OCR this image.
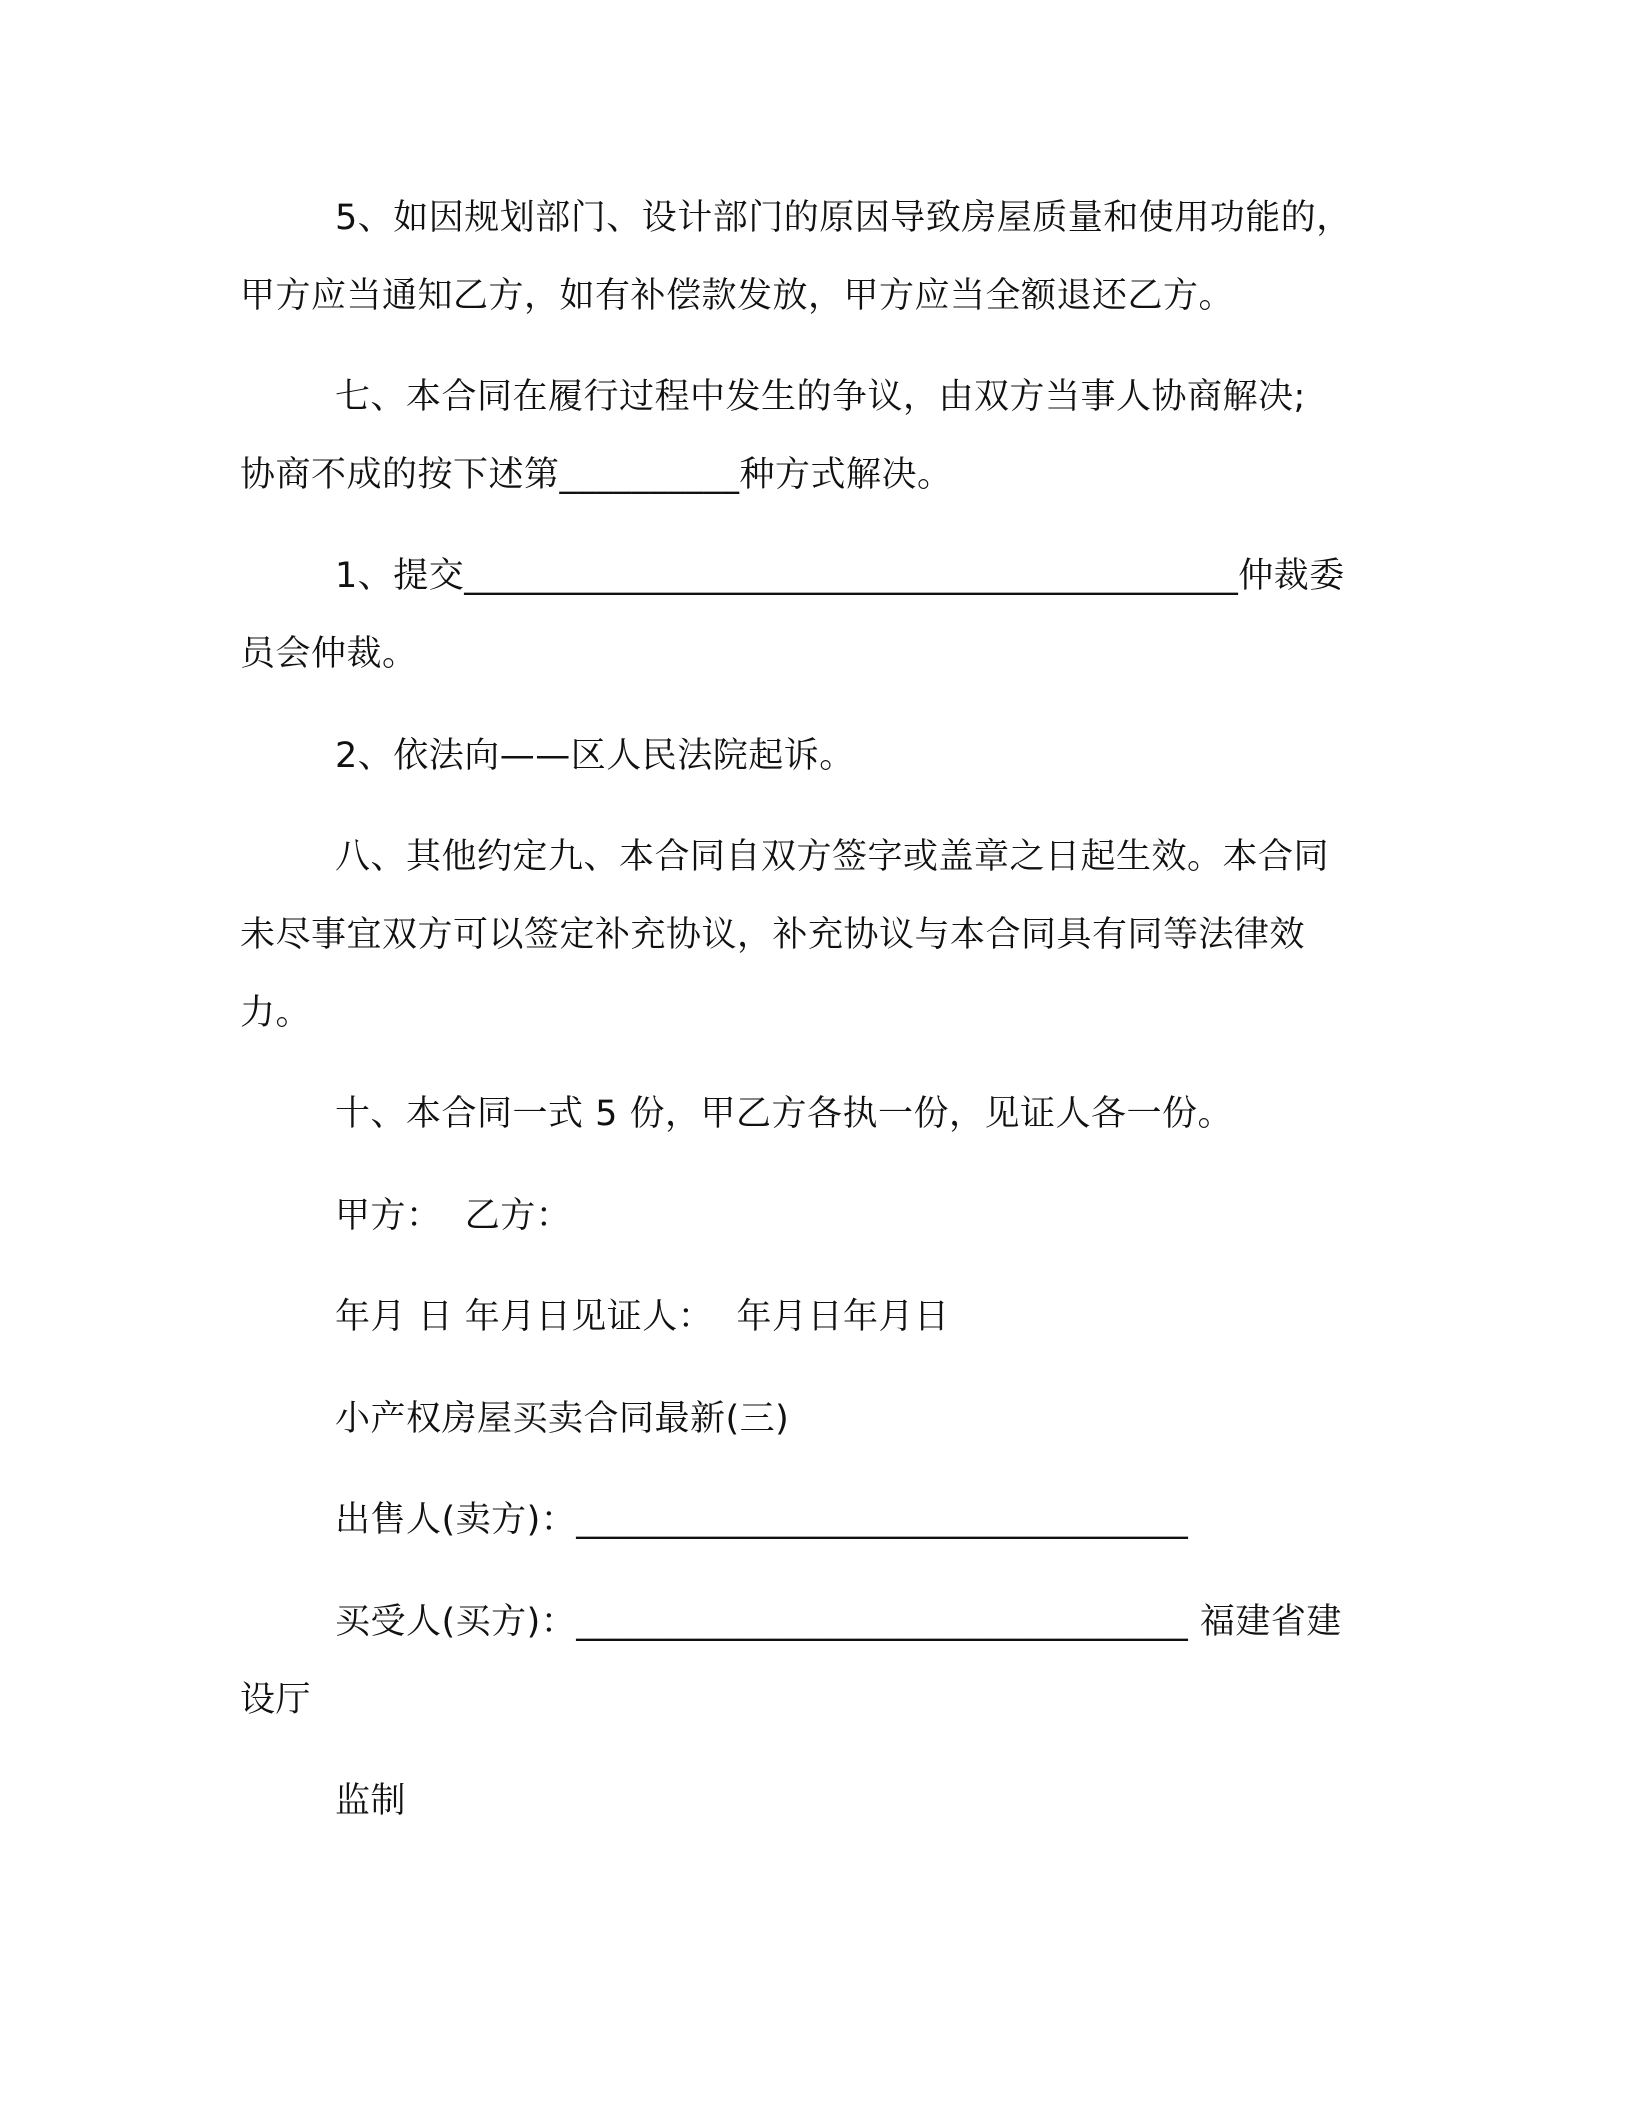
5、如因规划部门、设计部门的原因导致房屋质量和使用功能的，
甲方应当通知乙方，如有补偿款发放，甲方应当全额退还乙方。
七、本合同在履行过程中发生的争议，由双方当事人协商解决;
协商不成的按下述第__________种方式解决。
1、提交___________________________________________仲裁委
员会仲裁。
2、依法向——区人民法院起诉。
八、其他约定九、本合同自双方签字或盖章之日起生效。本合同
未尽事宜双方可以签定补充协议，补充协议与本合同具有同等法律效
力。
十、本合同一式 5 份，甲乙方各执一份，见证人各一份。
甲方：  乙方：
年月 日 年月日见证人：  年月日年月日
小产权房屋买卖合同最新(三)
出售人(卖方)：__________________________________
买受人(买方)：__________________________________ 福建省建
设厅
监制
